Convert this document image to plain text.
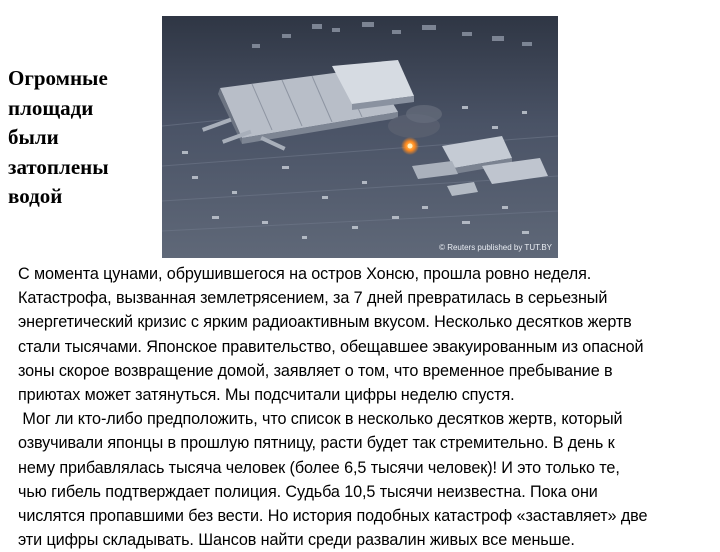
Огромные
площади
были
затоплены
водой
© Reuters published by TUT.BY
С момента цунами, обрушившегося на остров Хонсю, прошла ровно неделя.
Катастрофа, вызванная землетрясением, за 7 дней превратилась в серьезный
энергетический кризис с ярким радиоактивным вкусом. Несколько десятков жертв
стали тысячами. Японское правительство, обещавшее эвакуированным из опасной
зоны скорое возвращение домой, заявляет о том, что временное пребывание в
приютах может затянуться. Мы подсчитали цифры неделю спустя.
Мог ли кто-либо предположить, что список в несколько десятков жертв, который
озвучивали японцы в прошлую пятницу, расти будет так стремительно. В день к
нему прибавлялась тысяча человек (более 6,5 тысячи человек)! И это только те,
чью гибель подтверждает полиция. Судьба 10,5 тысячи неизвестна. Пока они
числятся пропавшими без вести. Но история подобных катастроф «заставляет» две
эти цифры складывать. Шансов найти среди развалин живых все меньше.
